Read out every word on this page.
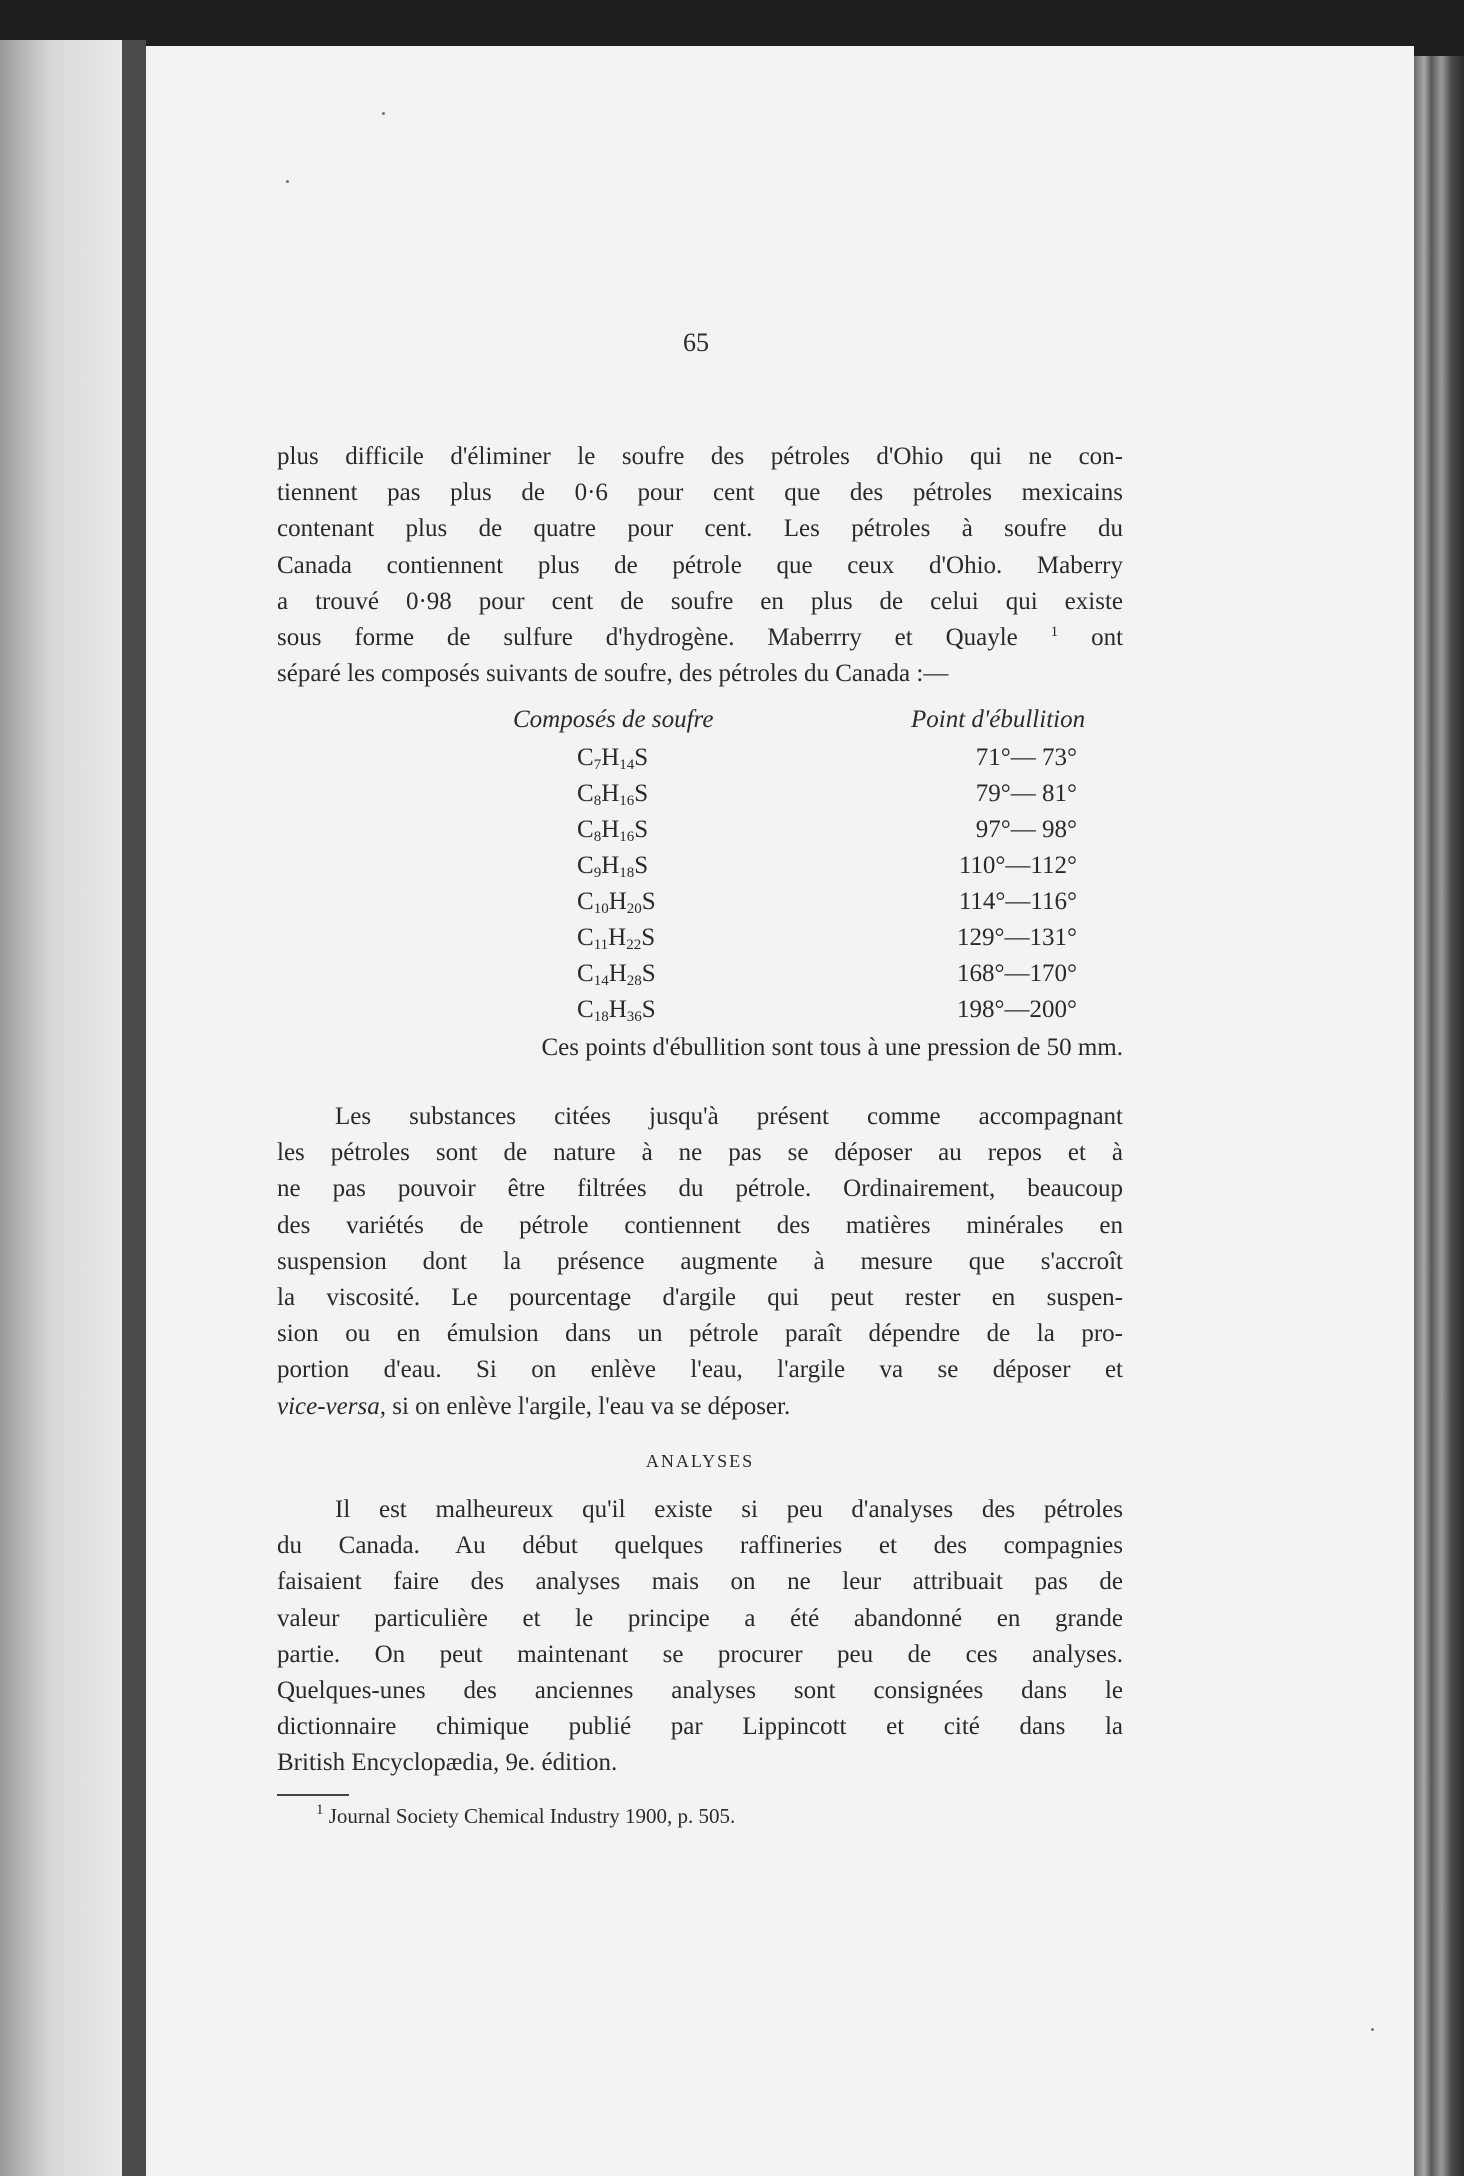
65
plus difficile d'éliminer le soufre des pétroles d'Ohio qui ne con-
tiennent pas plus de 0·6 pour cent que des pétroles mexicains
contenant plus de quatre pour cent. Les pétroles à soufre du
Canada contiennent plus de pétrole que ceux d'Ohio. Maberry
a trouvé 0·98 pour cent de soufre en plus de celui qui existe
sous forme de sulfure d'hydrogène. Maberrry et Quayle $^1$ ont
séparé les composés suivants de soufre, des pétroles du Canada :—
Composés de soufre	Point d'ébullition
$C_7H_{14}S$	71°— 73°
$C_8H_{16}S$	79°— 81°
$C_8H_{16}S$	97°— 98°
$C_9H_{18}S$	110°—112°
$C_{10}H_{20}S$	114°—116°
$C_{11}H_{22}S$	129°—131°
$C_{14}H_{28}S$	168°—170°
$C_{18}H_{36}S$	198°—200°
Ces points d'ébullition sont tous à une pression de 50 mm.
Les substances citées jusqu'à présent comme accompagnant
les pétroles sont de nature à ne pas se déposer au repos et à
ne pas pouvoir être filtrées du pétrole. Ordinairement, beaucoup
des variétés de pétrole contiennent des matières minérales en
suspension dont la présence augmente à mesure que s'accroît
la viscosité. Le pourcentage d'argile qui peut rester en suspen-
sion ou en émulsion dans un pétrole paraît dépendre de la pro-
portion d'eau. Si on enlève l'eau, l'argile va se déposer et
vice-versa, si on enlève l'argile, l'eau va se déposer.
ANALYSES
Il est malheureux qu'il existe si peu d'analyses des pétroles
du Canada. Au début quelques raffineries et des compagnies
faisaient faire des analyses mais on ne leur attribuait pas de
valeur particulière et le principe a été abandonné en grande
partie. On peut maintenant se procurer peu de ces analyses.
Quelques-unes des anciennes analyses sont consignées dans le
dictionnaire chimique publié par Lippincott et cité dans la
British Encyclopædia, 9e. édition.
$^1$ Journal Society Chemical Industry 1900, p. 505.
